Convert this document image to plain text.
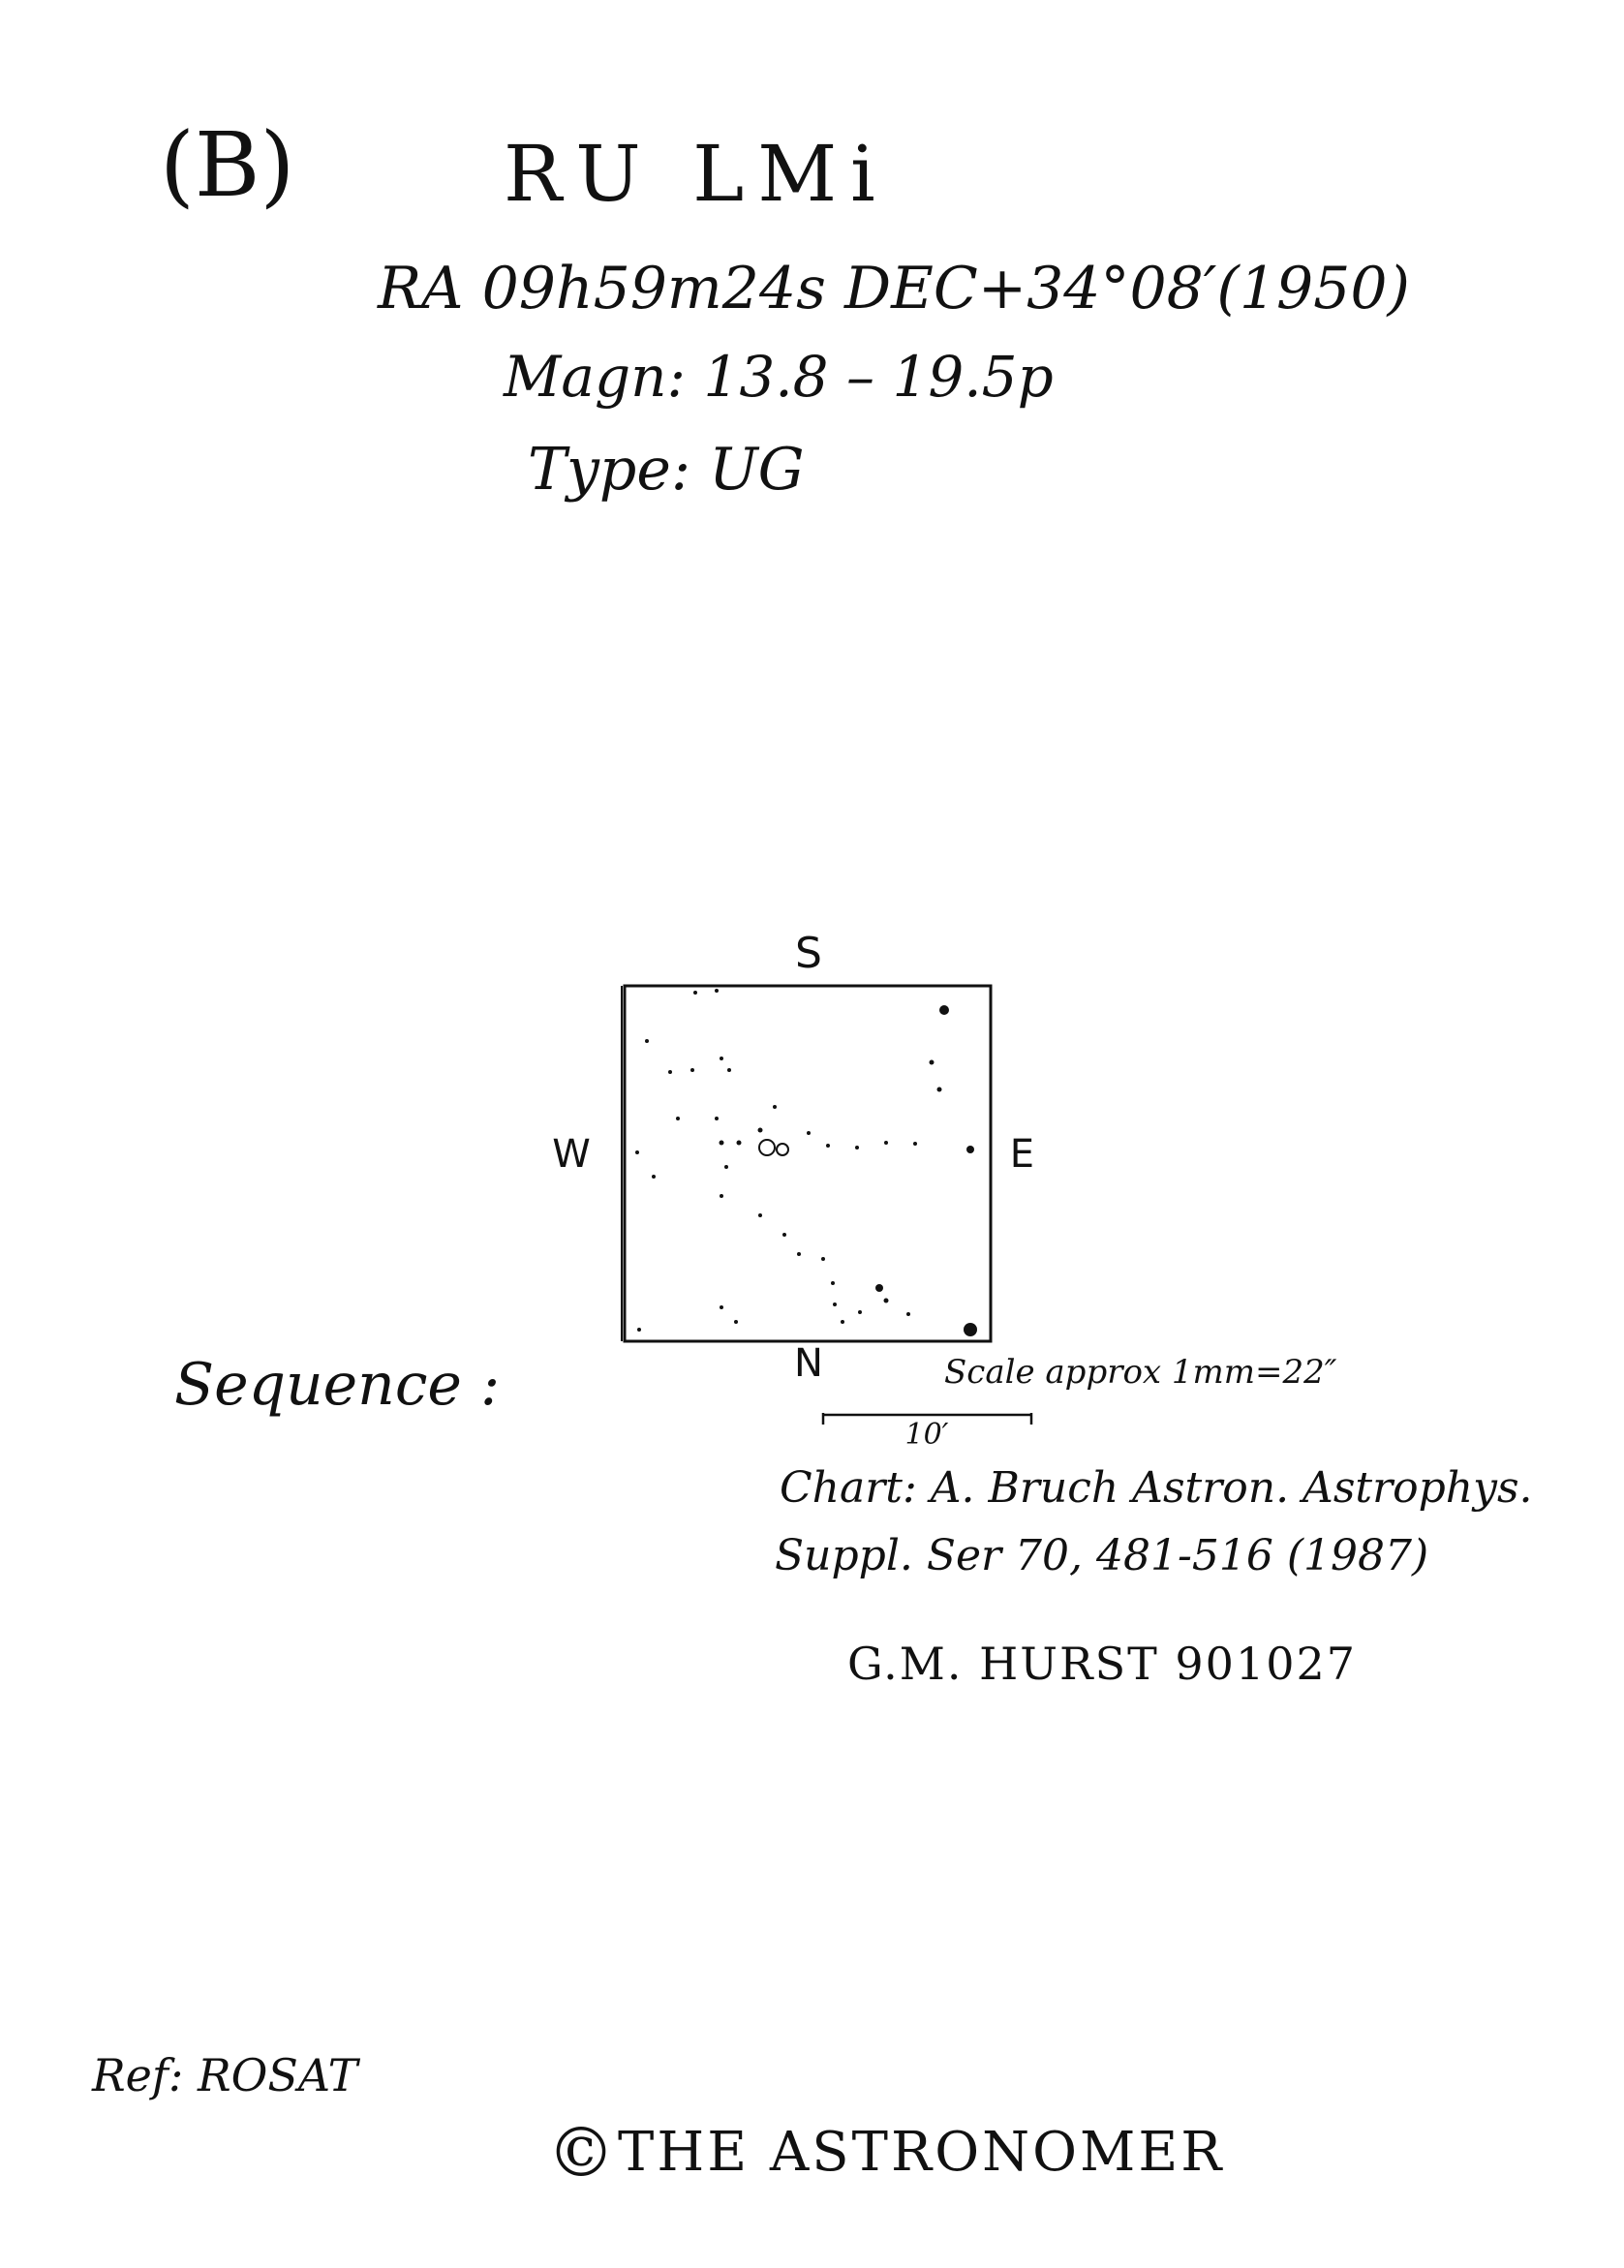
(B)	RU LMi
RA 09h59m24s DEC+34°08′(1950)
Magn: 13.8 – 19.5p
Type: UG
S
N
W	E
Sequence :	Scale approx 1mm=22″
10′
Chart: A. Bruch Astron. Astrophys.
Suppl. Ser 70, 481-516 (1987)
G.M. HURST 901027
Ref: ROSAT
©THE ASTRONOMER
